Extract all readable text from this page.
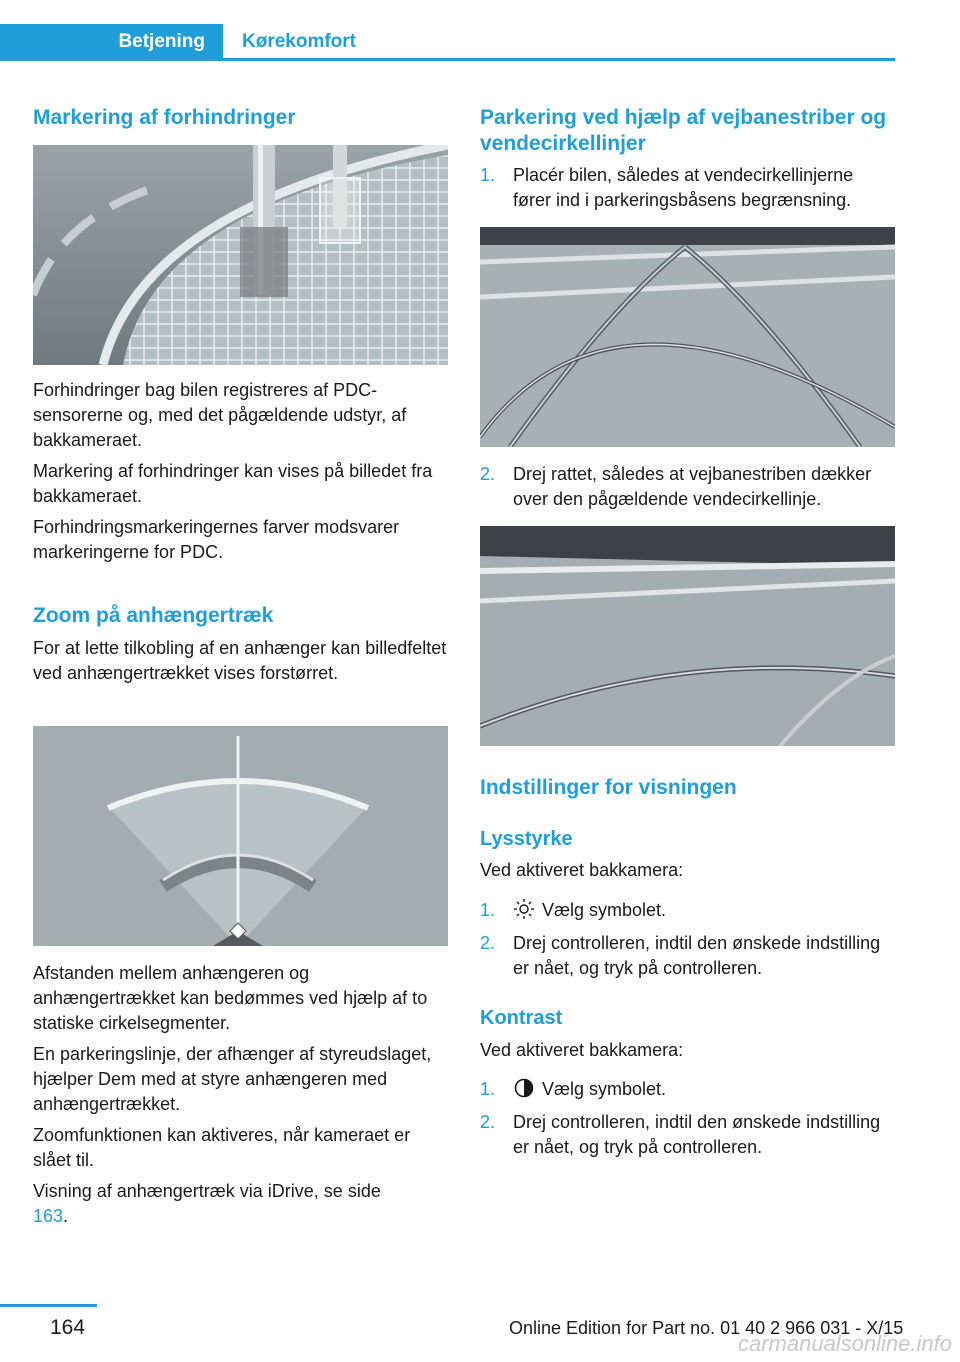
Betjening Kørekomfort
Markering af forhindringer
Forhindringer bag bilen registreres af PDC-sensorerne og, med det pågældende udstyr, af bakkameraet.
Markering af forhindringer kan vises på billedet fra bakkameraet.
Forhindringsmarkeringernes farver modsvarer markeringerne for PDC.
Zoom på anhængertræk
For at lette tilkobling af en anhænger kan billedfeltet ved anhængertrækket vises forstørret.
Afstanden mellem anhængeren og anhængertrækket kan bedømmes ved hjælp af to statiske cirkelsegmenter.
En parkeringslinje, der afhænger af styreudslaget, hjælper Dem med at styre anhængeren med anhængertrækket.
Zoomfunktionen kan aktiveres, når kameraet er slået til.
Visning af anhængertræk via iDrive, se side 163.
Parkering ved hjælp af vejbanestriber og vendecirkellinjer
1. Placér bilen, således at vendecirkellinjerne fører ind i parkeringsbåsens begrænsning.
2. Drej rattet, således at vejbanestriben dækker over den pågældende vendecirkellinje.
Indstillinger for visningen
Lysstyrke
Ved aktiveret bakkamera:
1.	Vælg symbolet.
2. Drej controlleren, indtil den ønskede indstilling er nået, og tryk på controlleren.
Kontrast
Ved aktiveret bakkamera:
1.	Vælg symbolet.
2. Drej controlleren, indtil den ønskede indstilling er nået, og tryk på controlleren.
164	Online Edition for Part no. 01 40 2 966 031 - X/15
carmanualsonline.info
